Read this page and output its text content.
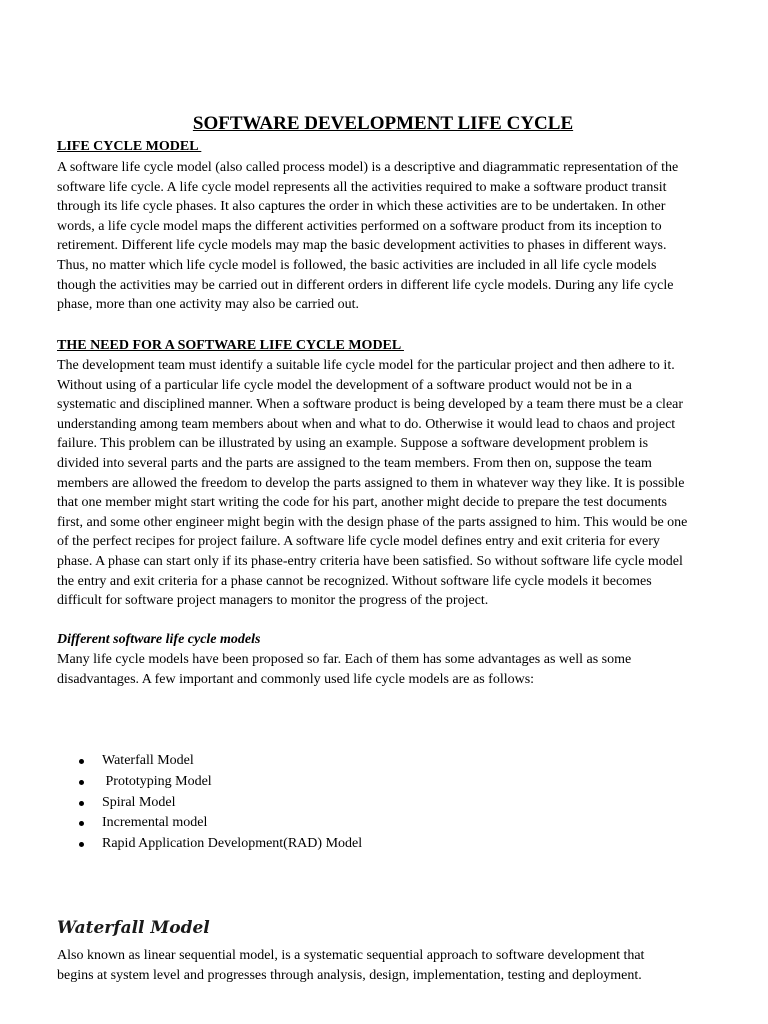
SOFTWARE DEVELOPMENT LIFE CYCLE
LIFE CYCLE MODEL
A software life cycle model (also called process model) is a descriptive and diagrammatic representation of the
software life cycle. A life cycle model represents all the activities required to make a software product transit
through its life cycle phases. It also captures the order in which these activities are to be undertaken. In other
words, a life cycle model maps the different activities performed on a software product from its inception to
retirement. Different life cycle models may map the basic development activities to phases in different ways.
Thus, no matter which life cycle model is followed, the basic activities are included in all life cycle models
though the activities may be carried out in different orders in different life cycle models. During any life cycle
phase, more than one activity may also be carried out.
THE NEED FOR A SOFTWARE LIFE CYCLE MODEL
The development team must identify a suitable life cycle model for the particular project and then adhere to it.
Without using of a particular life cycle model the development of a software product would not be in a
systematic and disciplined manner. When a software product is being developed by a team there must be a clear
understanding among team members about when and what to do. Otherwise it would lead to chaos and project
failure. This problem can be illustrated by using an example. Suppose a software development problem is
divided into several parts and the parts are assigned to the team members. From then on, suppose the team
members are allowed the freedom to develop the parts assigned to them in whatever way they like. It is possible
that one member might start writing the code for his part, another might decide to prepare the test documents
first, and some other engineer might begin with the design phase of the parts assigned to him. This would be one
of the perfect recipes for project failure. A software life cycle model defines entry and exit criteria for every
phase. A phase can start only if its phase-entry criteria have been satisfied. So without software life cycle model
the entry and exit criteria for a phase cannot be recognized. Without software life cycle models it becomes
difficult for software project managers to monitor the progress of the project.
Different software life cycle models
Many life cycle models have been proposed so far. Each of them has some advantages as well as some
disadvantages. A few important and commonly used life cycle models are as follows:
Waterfall Model
Prototyping Model
Spiral Model
Incremental model
Rapid Application Development(RAD) Model
Waterfall Model
Also known as linear sequential model, is a systematic sequential approach to software development that
begins at system level and progresses through analysis, design, implementation, testing and deployment.
